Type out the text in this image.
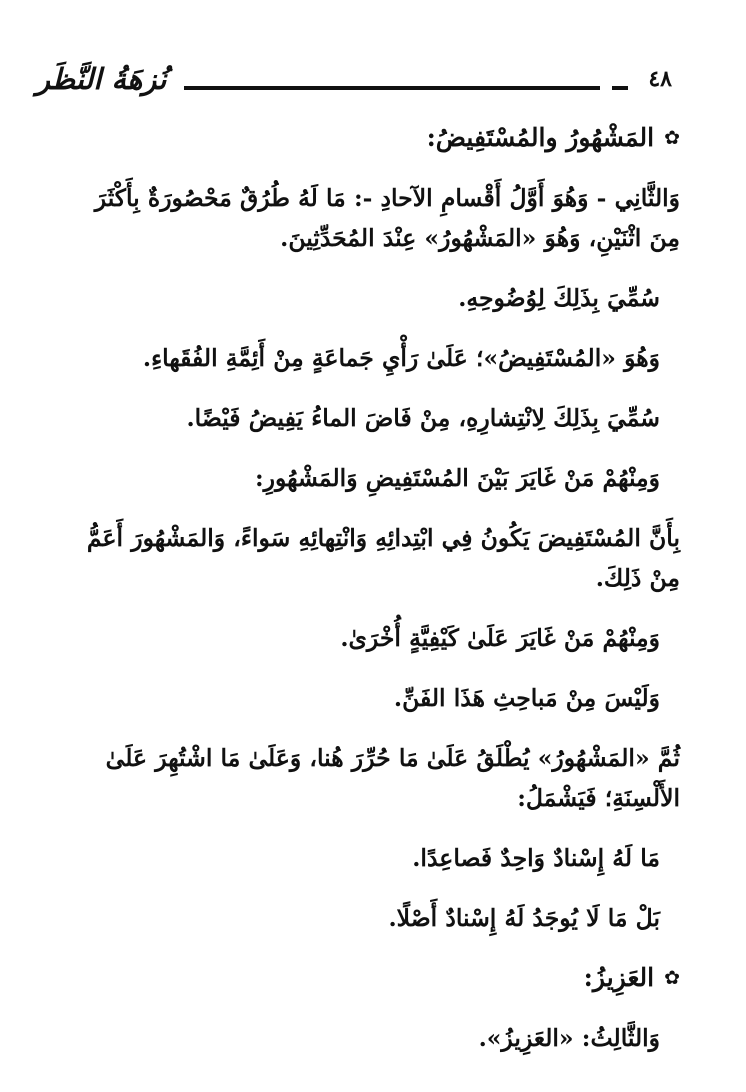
٤٨
نُزهَةُ النَّظَر
✿
المَشْهُورُ والمُسْتَفِيضُ:
وَالثَّانِي - وَهُوَ أَوَّلُ أَقْسامِ الآحادِ -: مَا لَهُ طُرُقٌ مَحْصُورَةٌ بِأَكْثَرَ
مِنَ اثْنَيْنِ، وَهُوَ «المَشْهُورُ» عِنْدَ المُحَدِّثِينَ.
سُمِّيَ بِذَلِكَ لِوُضُوحِهِ.
وَهُوَ «المُسْتَفِيضُ»؛ عَلَىٰ رَأْيِ جَماعَةٍ مِنْ أَئِمَّةِ الفُقَهاءِ.
سُمِّيَ بِذَلِكَ لِانْتِشارِهِ، مِنْ فَاضَ الماءُ يَفِيضُ فَيْضًا.
وَمِنْهُمْ مَنْ غَايَرَ بَيْنَ المُسْتَفِيضِ وَالمَشْهُورِ:
بِأَنَّ المُسْتَفِيضَ يَكُونُ فِي ابْتِدائِهِ وَانْتِهائِهِ سَواءً، وَالمَشْهُورَ أَعَمُّ
مِنْ ذَلِكَ.
وَمِنْهُمْ مَنْ غَايَرَ عَلَىٰ كَيْفِيَّةٍ أُخْرَىٰ.
وَلَيْسَ مِنْ مَباحِثِ هَذَا الفَنِّ.
ثُمَّ «المَشْهُورُ» يُطْلَقُ عَلَىٰ مَا حُرِّرَ هُنا، وَعَلَىٰ مَا اشْتُهِرَ عَلَىٰ
الأَلْسِنَةِ؛ فَيَشْمَلُ:
مَا لَهُ إِسْنادٌ وَاحِدٌ فَصاعِدًا.
بَلْ مَا لَا يُوجَدُ لَهُ إِسْنادٌ أَصْلًا.
✿
العَزِيزُ:
وَالثَّالِثُ: «العَزِيزُ».
